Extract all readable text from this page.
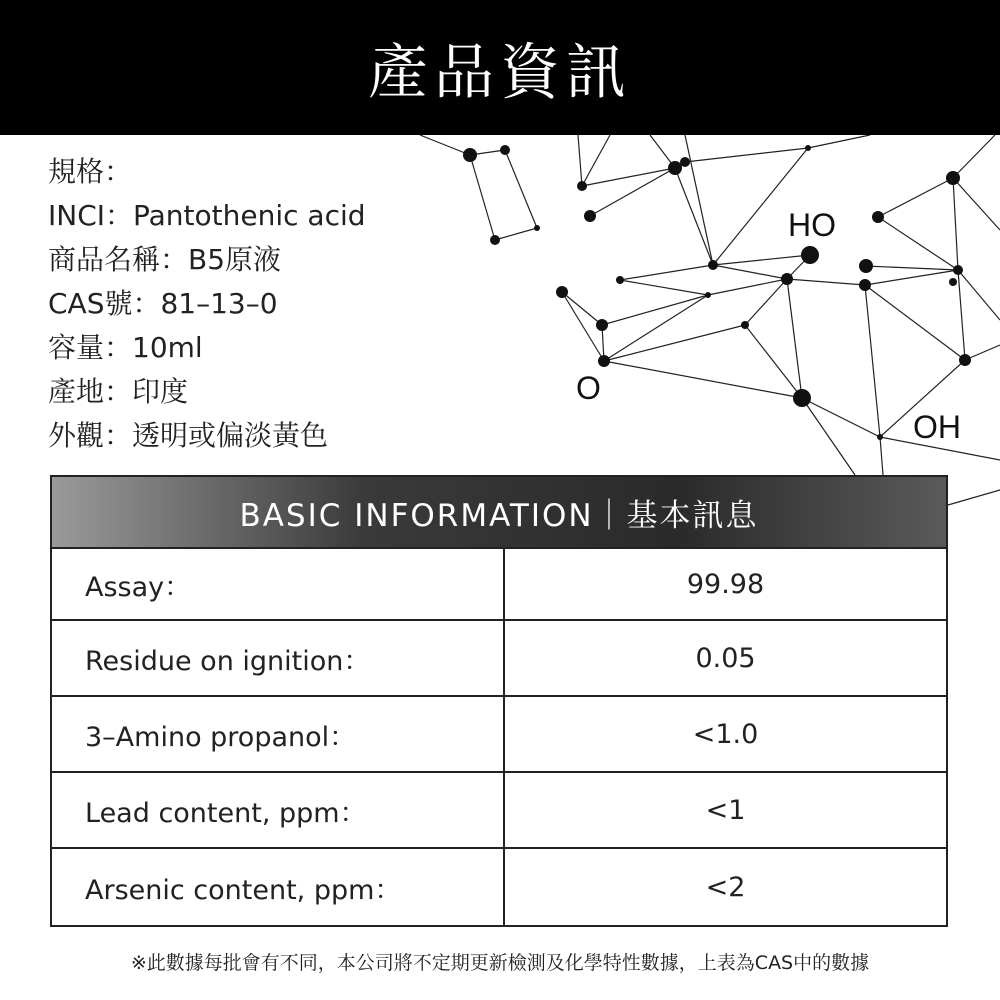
HO
O
OH
產品資訊
規格：
INCI：Pantothenic acid
商品名稱：B5原液
CAS號：81–13–0
容量：10ml
產地：印度
外觀：透明或偏淡黃色
BASIC INFORMATION｜基本訊息
Assay：	99.98
Residue on ignition：	0.05
3–Amino propanol：	<1.0
Lead content, ppm：	<1
Arsenic content, ppm：	<2
※此數據每批會有不同，本公司將不定期更新檢測及化學特性數據，上表為CAS中的數據
